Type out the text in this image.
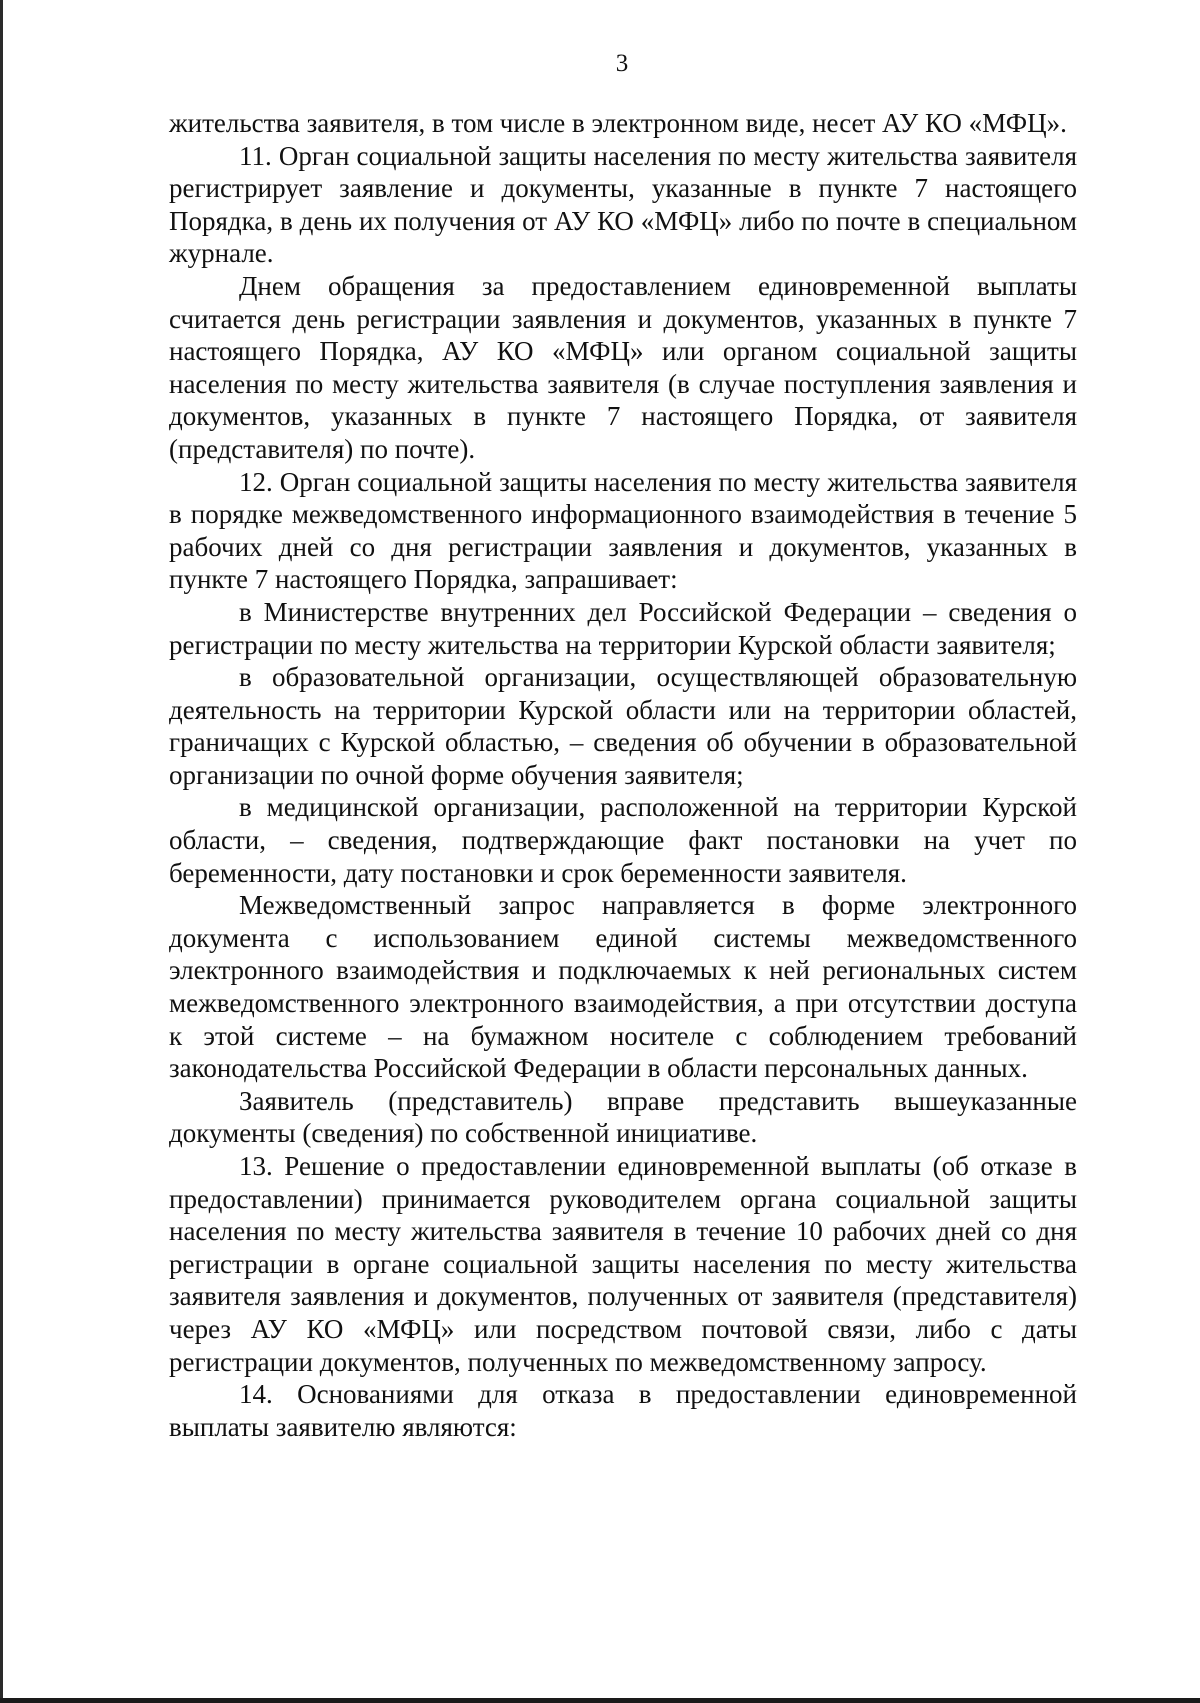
3

жительства заявителя, в том числе в электронном виде, несет АУ КО «МФЦ».

11. Орган социальной защиты населения по месту жительства заявителя регистрирует заявление и документы, указанные в пункте 7 настоящего Порядка, в день их получения от АУ КО «МФЦ» либо по почте в специальном журнале.

Днем обращения за предоставлением единовременной выплаты считается день регистрации заявления и документов, указанных в пункте 7 настоящего Порядка, АУ КО «МФЦ» или органом социальной защиты населения по месту жительства заявителя (в случае поступления заявления и документов, указанных в пункте 7 настоящего Порядка, от заявителя (представителя) по почте).

12. Орган социальной защиты населения по месту жительства заявителя в порядке межведомственного информационного взаимодействия в течение 5 рабочих дней со дня регистрации заявления и документов, указанных в пункте 7 настоящего Порядка, запрашивает:

в Министерстве внутренних дел Российской Федерации – сведения о регистрации по месту жительства на территории Курской области заявителя;

в образовательной организации, осуществляющей образовательную деятельность на территории Курской области или на территории областей, граничащих с Курской областью, – сведения об обучении в образовательной организации по очной форме обучения заявителя;

в медицинской организации, расположенной на территории Курской области, – сведения, подтверждающие факт постановки на учет по беременности, дату постановки и срок беременности заявителя.

Межведомственный запрос направляется в форме электронного документа с использованием единой системы межведомственного электронного взаимодействия и подключаемых к ней региональных систем межведомственного электронного взаимодействия, а при отсутствии доступа к этой системе – на бумажном носителе с соблюдением требований законодательства Российской Федерации в области персональных данных.

Заявитель (представитель) вправе представить вышеуказанные документы (сведения) по собственной инициативе.

13. Решение о предоставлении единовременной выплаты (об отказе в предоставлении) принимается руководителем органа социальной защиты населения по месту жительства заявителя в течение 10 рабочих дней со дня регистрации в органе социальной защиты населения по месту жительства заявителя заявления и документов, полученных от заявителя (представителя) через АУ КО «МФЦ» или посредством почтовой связи, либо с даты регистрации документов, полученных по межведомственному запросу.

14. Основаниями для отказа в предоставлении единовременной выплаты заявителю являются:
